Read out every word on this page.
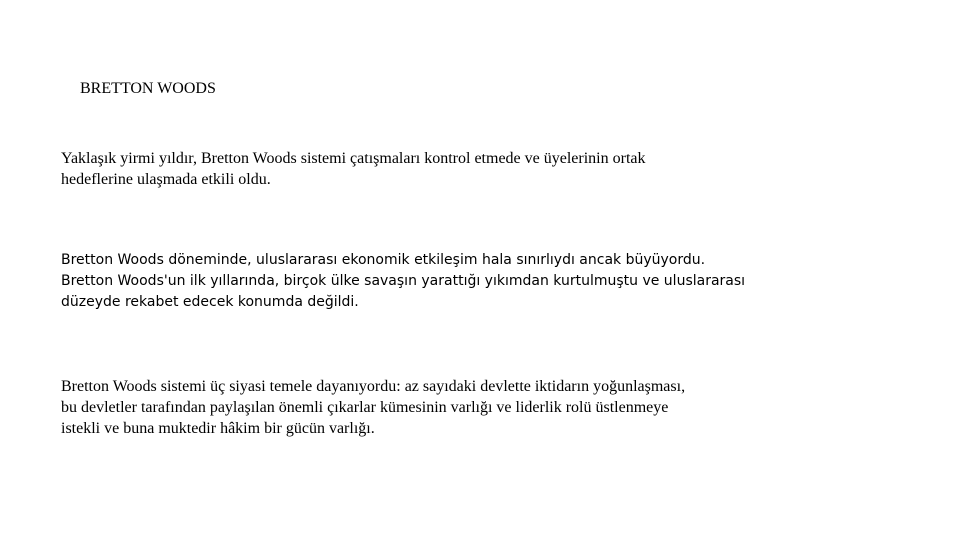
BRETTON WOODS

Yaklaşık yirmi yıldır, Bretton Woods sistemi çatışmaları kontrol etmede ve üyelerinin ortak
hedeflerine ulaşmada etkili oldu.

Bretton Woods döneminde, uluslararası ekonomik etkileşim hala sınırlıydı ancak büyüyordu.
Bretton Woods'un ilk yıllarında, birçok ülke savaşın yarattığı yıkımdan kurtulmuştu ve uluslararası
düzeyde rekabet edecek konumda değildi.

Bretton Woods sistemi üç siyasi temele dayanıyordu: az sayıdaki devlette iktidarın yoğunlaşması,
bu devletler tarafından paylaşılan önemli çıkarlar kümesinin varlığı ve liderlik rolü üstlenmeye
istekli ve buna muktedir hâkim bir gücün varlığı.
